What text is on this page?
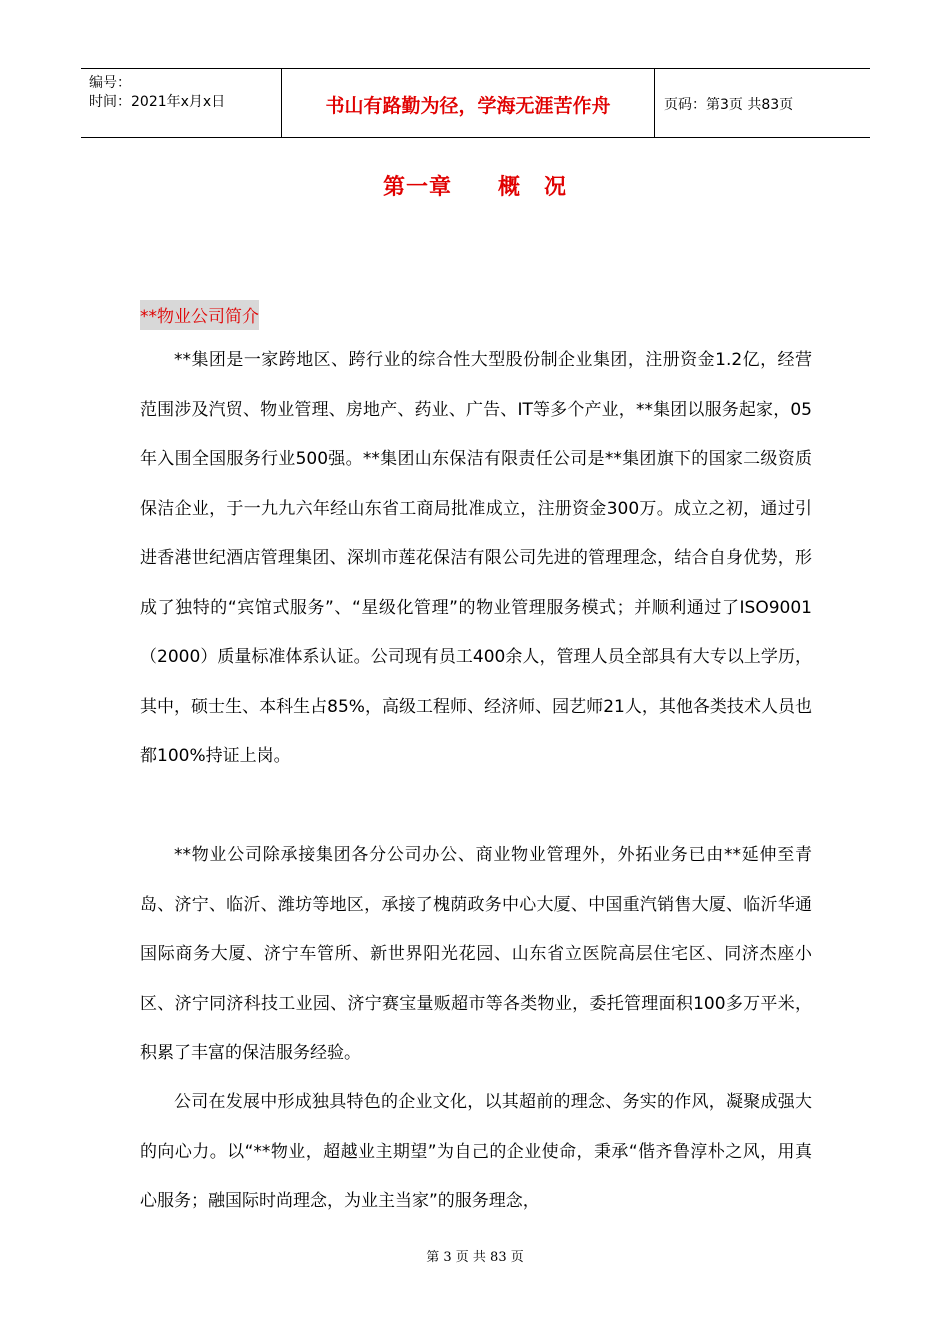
编号：
时间：2021年x月x日	书山有路勤为径，学海无涯苦作舟	页码：第3页 共83页
第一章　　概　况
**物业公司简介

**集团是一家跨地区、跨行业的综合性大型股份制企业集团，注册资金1.2亿，经营范围涉及汽贸、物业管理、房地产、药业、广告、IT等多个产业，**集团以服务起家，05年入围全国服务行业500强。**集团山东保洁有限责任公司是**集团旗下的国家二级资质保洁企业，于一九九六年经山东省工商局批准成立，注册资金300万。成立之初，通过引进香港世纪酒店管理集团、深圳市莲花保洁有限公司先进的管理理念，结合自身优势，形成了独特的“宾馆式服务”、“星级化管理”的物业管理服务模式；并顺利通过了ISO9001（2000）质量标准体系认证。公司现有员工400余人，管理人员全部具有大专以上学历，其中，硕士生、本科生占85%，高级工程师、经济师、园艺师21人，其他各类技术人员也都100%持证上岗。

**物业公司除承接集团各分公司办公、商业物业管理外，外拓业务已由**延伸至青岛、济宁、临沂、潍坊等地区，承接了槐荫政务中心大厦、中国重汽销售大厦、临沂华通国际商务大厦、济宁车管所、新世界阳光花园、山东省立医院高层住宅区、同济杰座小区、济宁同济科技工业园、济宁赛宝量贩超市等各类物业，委托管理面积100多万平米，积累了丰富的保洁服务经验。

公司在发展中形成独具特色的企业文化，以其超前的理念、务实的作风，凝聚成强大的向心力。以“**物业，超越业主期望”为自己的企业使命，秉承“偕齐鲁淳朴之风，用真心服务；融国际时尚理念，为业主当家”的服务理念，

第 3 页 共 83 页
